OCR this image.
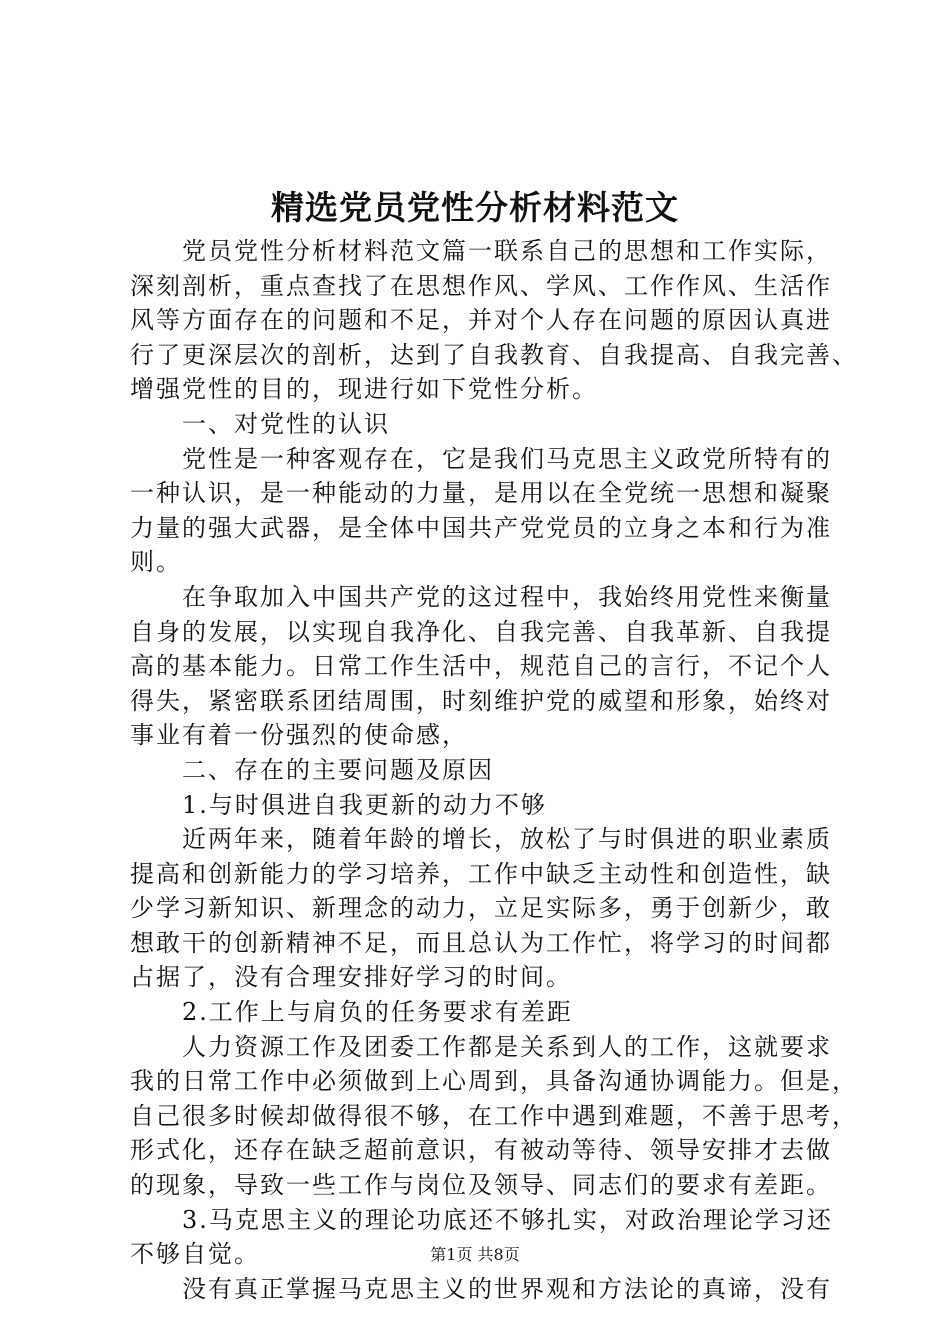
精选党员党性分析材料范文
党员党性分析材料范文篇一联系自己的思想和工作实际，
深刻剖析，重点查找了在思想作风、学风、工作作风、生活作
风等方面存在的问题和不足，并对个人存在问题的原因认真进
行了更深层次的剖析，达到了自我教育、自我提高、自我完善、
增强党性的目的，现进行如下党性分析。
一、对党性的认识
党性是一种客观存在，它是我们马克思主义政党所特有的
一种认识，是一种能动的力量，是用以在全党统一思想和凝聚
力量的强大武器，是全体中国共产党党员的立身之本和行为准
则。
在争取加入中国共产党的这过程中，我始终用党性来衡量
自身的发展，以实现自我净化、自我完善、自我革新、自我提
高的基本能力。日常工作生活中，规范自己的言行，不记个人
得失，紧密联系团结周围，时刻维护党的威望和形象，始终对
事业有着一份强烈的使命感，
二、存在的主要问题及原因
1.与时俱进自我更新的动力不够
近两年来，随着年龄的增长，放松了与时俱进的职业素质
提高和创新能力的学习培养，工作中缺乏主动性和创造性，缺
少学习新知识、新理念的动力，立足实际多，勇于创新少，敢
想敢干的创新精神不足，而且总认为工作忙，将学习的时间都
占据了，没有合理安排好学习的时间。
2.工作上与肩负的任务要求有差距
人力资源工作及团委工作都是关系到人的工作，这就要求
我的日常工作中必须做到上心周到，具备沟通协调能力。但是，
自己很多时候却做得很不够，在工作中遇到难题，不善于思考，
形式化，还存在缺乏超前意识，有被动等待、领导安排才去做
的现象，导致一些工作与岗位及领导、同志们的要求有差距。
3.马克思主义的理论功底还不够扎实，对政治理论学习还
不够自觉。
没有真正掌握马克思主义的世界观和方法论的真谛，没有
第1页 共8页
